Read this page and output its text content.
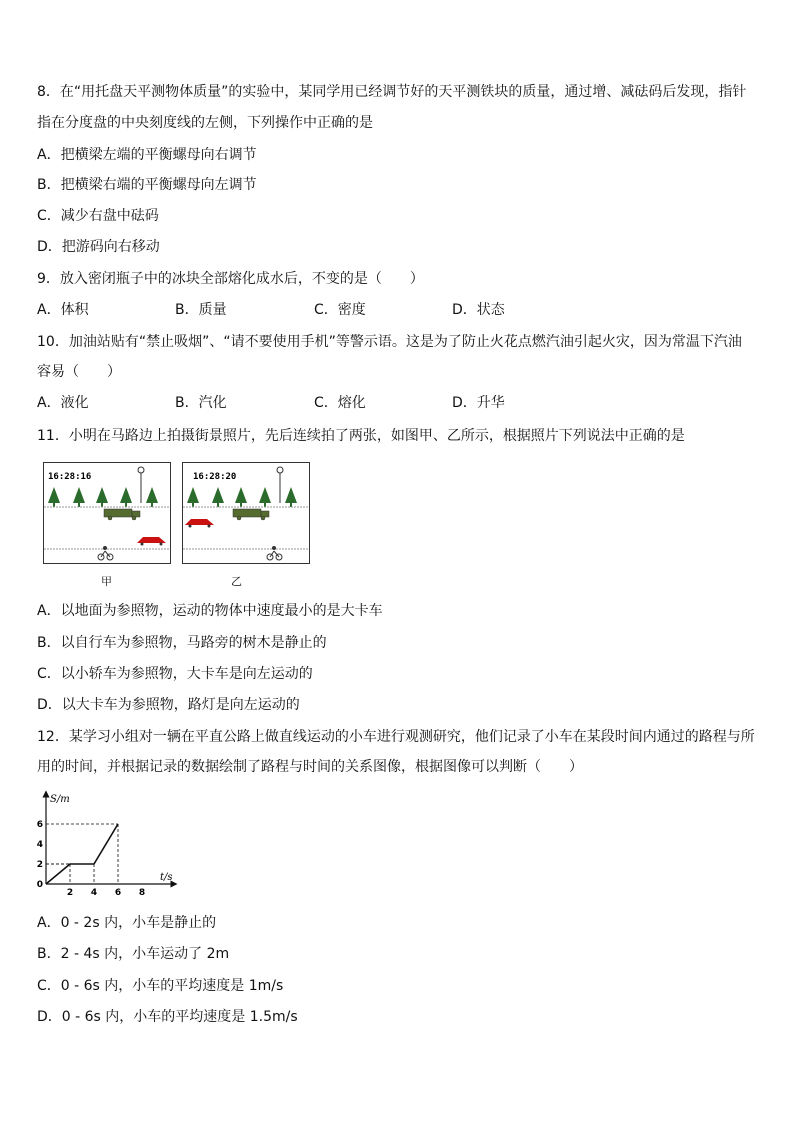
8．在“用托盘天平测物体质量”的实验中，某同学用已经调节好的天平测铁块的质量，通过增、减砝码后发现，指针
指在分度盘的中央刻度线的左侧，下列操作中正确的是
A．把横梁左端的平衡螺母向右调节
B．把横梁右端的平衡螺母向左调节
C．减少右盘中砝码
D．把游码向右移动
9．放入密闭瓶子中的冰块全部熔化成水后，不变的是（　　）
A．体积	B．质量	C．密度	D．状态
10．加油站贴有“禁止吸烟”、“请不要使用手机”等警示语。这是为了防止火花点燃汽油引起火灾，因为常温下汽油
容易（　　）
A．液化	B．汽化	C．熔化	D．升华
11．小明在马路边上拍摄街景照片，先后连续拍了两张，如图甲、乙所示，根据照片下列说法中正确的是
16:28:16
甲
16:28:20
乙
A．以地面为参照物，运动的物体中速度最小的是大卡车
B．以自行车为参照物，马路旁的树木是静止的
C．以小轿车为参照物，大卡车是向左运动的
D．以大卡车为参照物，路灯是向左运动的
12．某学习小组对一辆在平直公路上做直线运动的小车进行观测研究，他们记录了小车在某段时间内通过的路程与所
用的时间，并根据记录的数据绘制了路程与时间的关系图像，根据图像可以判断（　　）
S/m
t/s
2 4 6 8
0
2
4
6
A．0 - 2s 内，小车是静止的
B．2 - 4s 内，小车运动了 2m
C．0 - 6s 内，小车的平均速度是 1m/s
D．0 - 6s 内，小车的平均速度是 1.5m/s
